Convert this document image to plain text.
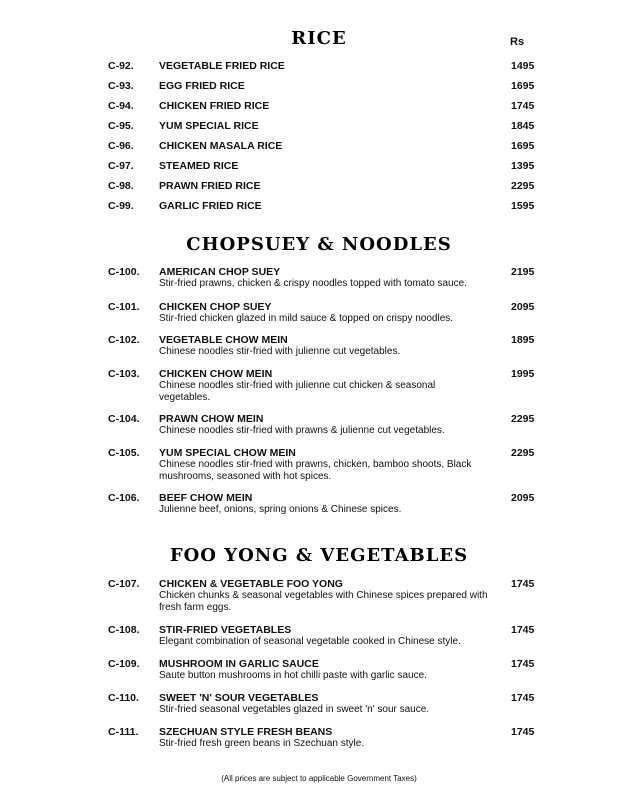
RICE	Rs
C-92. VEGETABLE FRIED RICE	1495
C-93. EGG FRIED RICE	1695
C-94. CHICKEN FRIED RICE	1745
C-95. YUM SPECIAL RICE	1845
C-96. CHICKEN MASALA RICE	1695
C-97. STEAMED RICE	1395
C-98. PRAWN FRIED RICE	2295
C-99. GARLIC FRIED RICE	1595
CHOPSUEY & NOODLES
C-100. AMERICAN CHOP SUEY	2195
Stir-fried prawns, chicken & crispy noodles topped with tomato sauce.
C-101. CHICKEN CHOP SUEY	2095
Stir-fried chicken glazed in mild sauce & topped on crispy noodles.
C-102. VEGETABLE CHOW MEIN	1895
Chinese noodles stir-fried with julienne cut vegetables.
C-103. CHICKEN CHOW MEIN	1995
Chinese noodles stir-fried with julienne cut chicken & seasonal vegetables.
C-104. PRAWN CHOW MEIN	2295
Chinese noodles stir-fried with prawns & julienne cut vegetables.
C-105. YUM SPECIAL CHOW MEIN	2295
Chinese noodles stir-fried with prawns, chicken, bamboo shoots, Black mushrooms, seasoned with hot spices.
C-106. BEEF CHOW MEIN	2095
Julienne beef, onions, spring onions & Chinese spices.
FOO YONG & VEGETABLES
C-107. CHICKEN & VEGETABLE FOO YONG	1745
Chicken chunks & seasonal vegetables with Chinese spices prepared with fresh farm eggs.
C-108. STIR-FRIED VEGETABLES	1745
Elegant combination of seasonal vegetable cooked in Chinese style.
C-109. MUSHROOM IN GARLIC SAUCE	1745
Saute button mushrooms in hot chilli paste with garlic sauce.
C-110. SWEET 'N' SOUR VEGETABLES	1745
Stir-fried seasonal vegetables glazed in sweet 'n' sour sauce.
C-111. SZECHUAN STYLE FRESH BEANS	1745
Stir-fried fresh green beans in Szechuan style.
(All prices are subject to applicable Government Taxes)
